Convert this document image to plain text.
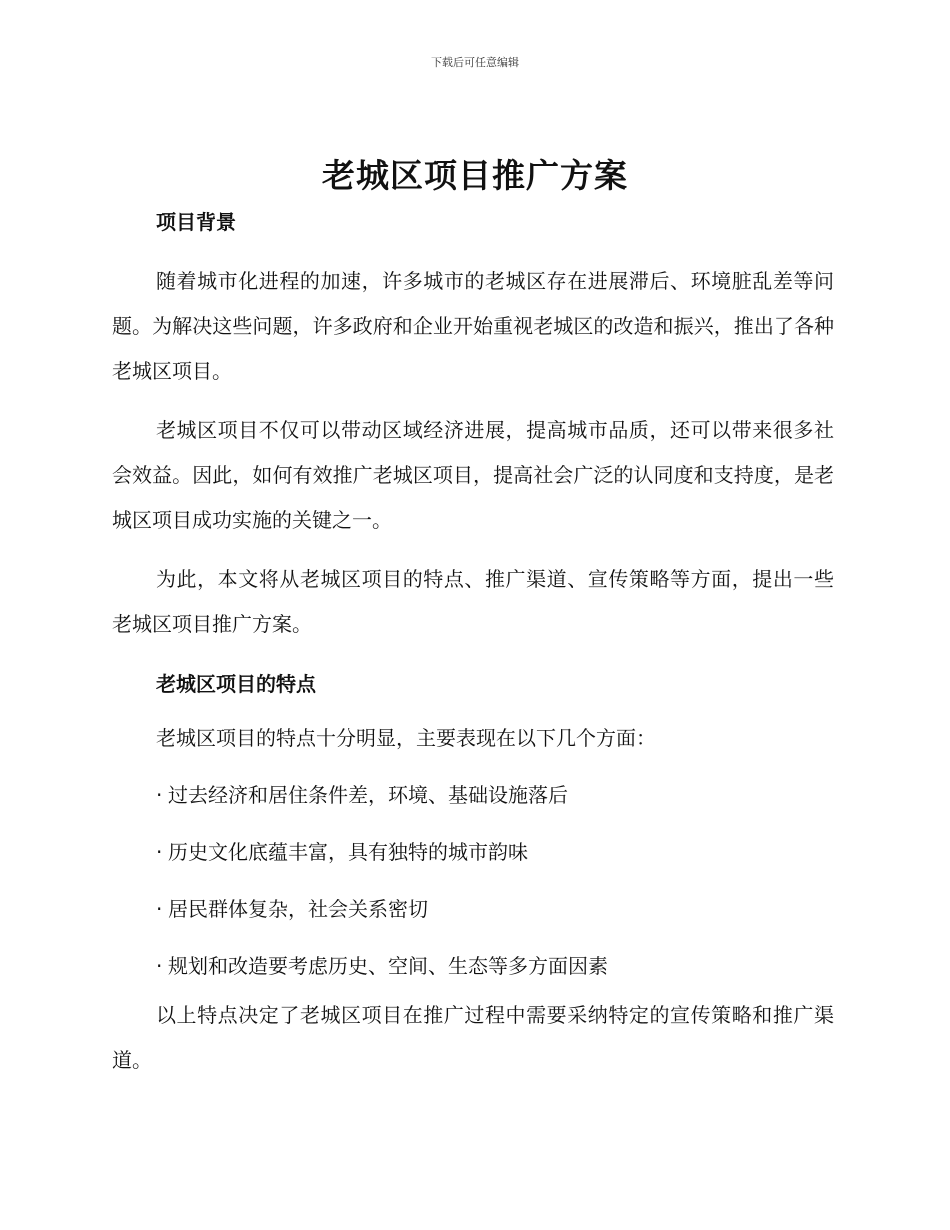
下载后可任意编辑
老城区项目推广方案
项目背景

随着城市化进程的加速，许多城市的老城区存在进展滞后、环境脏乱差等问题。为解决这些问题，许多政府和企业开始重视老城区的改造和振兴，推出了各种老城区项目。

老城区项目不仅可以带动区域经济进展，提高城市品质，还可以带来很多社会效益。因此，如何有效推广老城区项目，提高社会广泛的认同度和支持度，是老城区项目成功实施的关键之一。

为此，本文将从老城区项目的特点、推广渠道、宣传策略等方面，提出一些老城区项目推广方案。

老城区项目的特点
老城区项目的特点十分明显，主要表现在以下几个方面：
· 过去经济和居住条件差，环境、基础设施落后
· 历史文化底蕴丰富，具有独特的城市韵味
· 居民群体复杂，社会关系密切
· 规划和改造要考虑历史、空间、生态等多方面因素

以上特点决定了老城区项目在推广过程中需要采纳特定的宣传策略和推广渠道。
